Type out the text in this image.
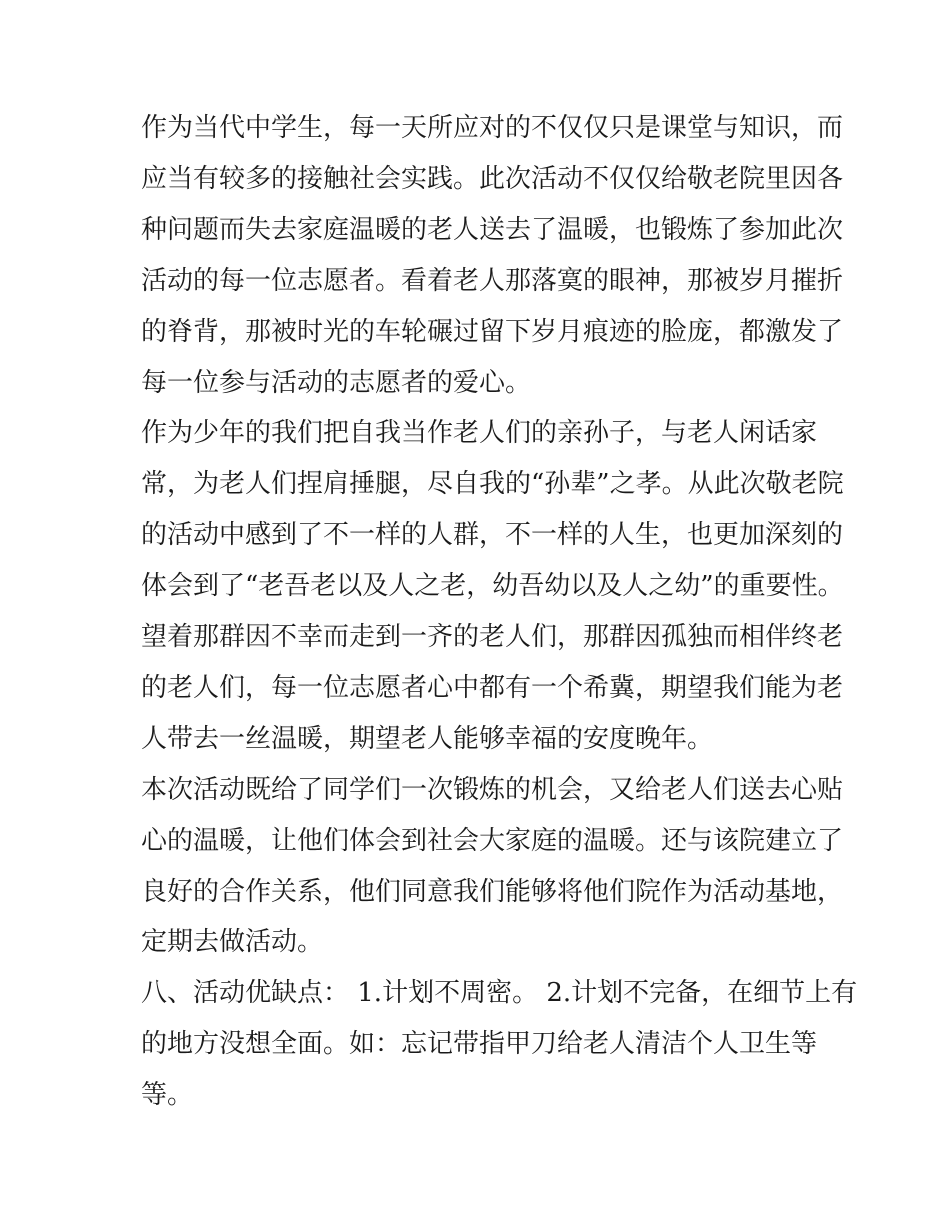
作为当代中学生，每一天所应对的不仅仅只是课堂与知识，而
应当有较多的接触社会实践。此次活动不仅仅给敬老院里因各
种问题而失去家庭温暖的老人送去了温暖，也锻炼了参加此次
活动的每一位志愿者。看着老人那落寞的眼神，那被岁月摧折
的脊背，那被时光的车轮碾过留下岁月痕迹的脸庞，都激发了
每一位参与活动的志愿者的爱心。
作为少年的我们把自我当作老人们的亲孙子，与老人闲话家
常，为老人们捏肩捶腿，尽自我的“孙辈”之孝。从此次敬老院
的活动中感到了不一样的人群，不一样的人生，也更加深刻的
体会到了“老吾老以及人之老，幼吾幼以及人之幼”的重要性。
望着那群因不幸而走到一齐的老人们，那群因孤独而相伴终老
的老人们，每一位志愿者心中都有一个希冀，期望我们能为老
人带去一丝温暖，期望老人能够幸福的安度晚年。
本次活动既给了同学们一次锻炼的机会，又给老人们送去心贴
心的温暖，让他们体会到社会大家庭的温暖。还与该院建立了
良好的合作关系，他们同意我们能够将他们院作为活动基地，
定期去做活动。
八、活动优缺点： 1.计划不周密。 2.计划不完备，在细节上有
的地方没想全面。如：忘记带指甲刀给老人清洁个人卫生等
等。
